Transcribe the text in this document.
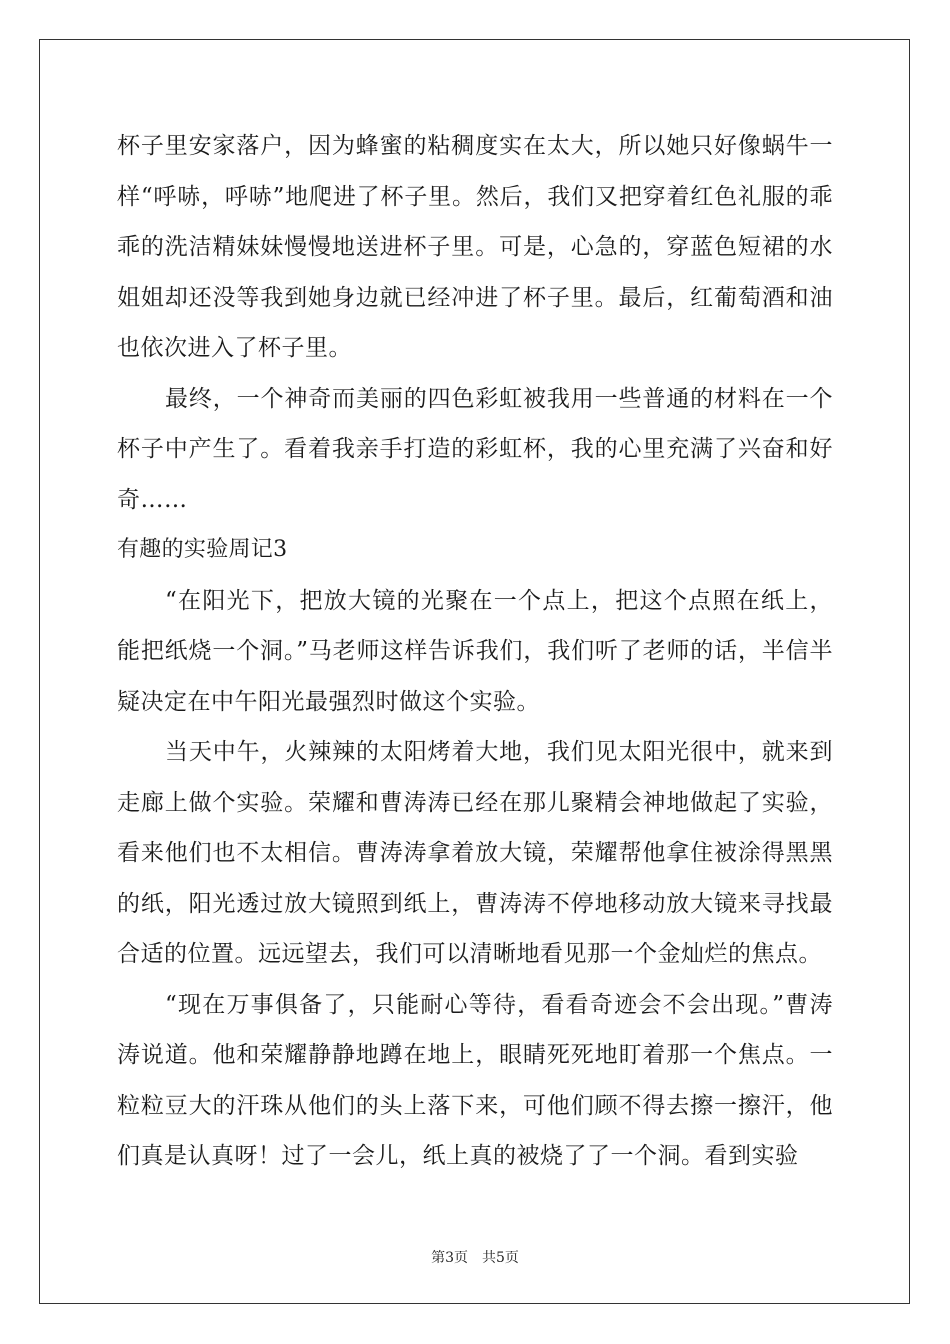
杯子里安家落户，因为蜂蜜的粘稠度实在太大，所以她只好像蜗牛一样“呼哧，呼哧”地爬进了杯子里。然后，我们又把穿着红色礼服的乖乖的洗洁精妹妹慢慢地送进杯子里。可是，心急的，穿蓝色短裙的水姐姐却还没等我到她身边就已经冲进了杯子里。最后，红葡萄酒和油也依次进入了杯子里。

最终，一个神奇而美丽的四色彩虹被我用一些普通的材料在一个杯子中产生了。看着我亲手打造的彩虹杯，我的心里充满了兴奋和好奇……

有趣的实验周记3

“在阳光下，把放大镜的光聚在一个点上，把这个点照在纸上，能把纸烧一个洞。”马老师这样告诉我们，我们听了老师的话，半信半疑决定在中午阳光最强烈时做这个实验。

当天中午，火辣辣的太阳烤着大地，我们见太阳光很中，就来到走廊上做个实验。荣耀和曹涛涛已经在那儿聚精会神地做起了实验，看来他们也不太相信。曹涛涛拿着放大镜，荣耀帮他拿住被涂得黑黑的纸，阳光透过放大镜照到纸上，曹涛涛不停地移动放大镜来寻找最合适的位置。远远望去，我们可以清晰地看见那一个金灿烂的焦点。

“现在万事俱备了，只能耐心等待，看看奇迹会不会出现。”曹涛涛说道。他和荣耀静静地蹲在地上，眼睛死死地盯着那一个焦点。一粒粒豆大的汗珠从他们的头上落下来，可他们顾不得去擦一擦汗，他们真是认真呀！过了一会儿，纸上真的被烧了了一个洞。看到实验

第3页　共5页
